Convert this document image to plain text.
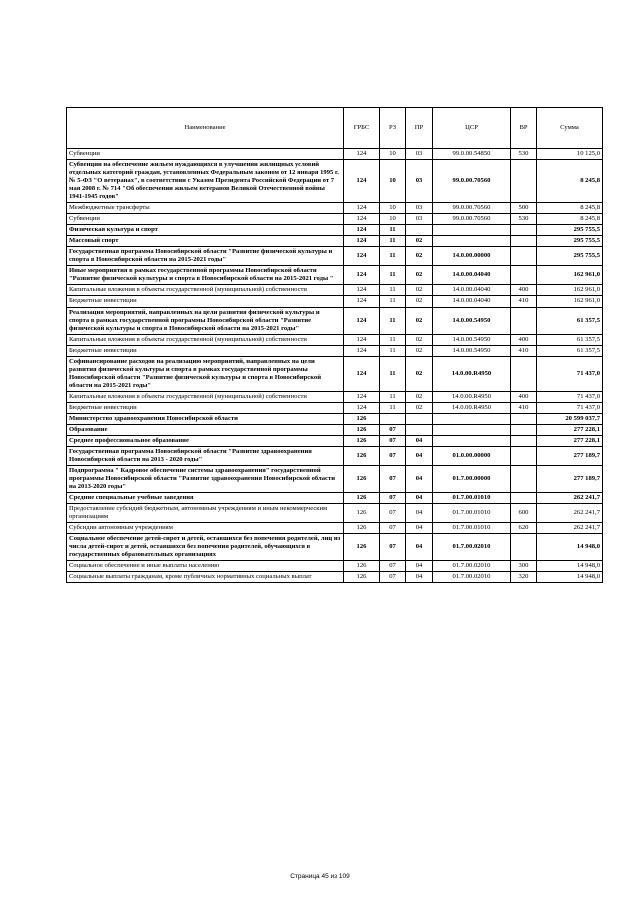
Наименование	ГРБС	РЗ	ПР	ЦСР	ВР	Сумма
Субвенции	124	10	03	99.0.00.54850	530	10 125,0
Субвенции на обеспечение жильем нуждающихся в улучшении жилищных условий отдельных категорий граждан, установленных Федеральным законом от 12 января 1995 г. № 5-ФЗ "О ветеранах", в соответствии с Указом Президента Российской Федерации от 7 мая 2008 г. № 714 "Об обеспечении жильем ветеранов Великой Отечественной войны 1941-1945 годов"	124	10	03	99.0.00.70560		8 245,8
Межбюджетные трансферты	124	10	03	99.0.00.70560	500	8 245,8
Субвенции	124	10	03	99.0.00.70560	530	8 245,8
Физическая культура и спорт	124	11				295 755,5
Массовый спорт	124	11	02			295 755,5
Государственная программа Новосибирской области "Развитие физической культуры и спорта в Новосибирской области на 2015-2021 годы"	124	11	02	14.0.00.00000		295 755,5
Иные мероприятия в рамках государственной программы Новосибирской области "Развитие физической культуры и спорта в Новосибирской области на 2015-2021 годы "	124	11	02	14.0.00.04040		162 961,0
Капитальные вложения в объекты государственной (муниципальной) собственности	124	11	02	14.0.00.04040	400	162 961,0
Бюджетные инвестиции	124	11	02	14.0.00.04040	410	162 961,0
Реализация мероприятий, направленных на цели развития физической культуры и спорта в рамках государственной программы Новосибирской области "Развитие физической культуры и спорта в Новосибирской области на 2015-2021 годы"	124	11	02	14.0.00.54950		61 357,5
Капитальные вложения в объекты государственной (муниципальной) собственности	124	11	02	14.0.00.54950	400	61 357,5
Бюджетные инвестиции	124	11	02	14.0.00.54950	410	61 357,5
Софинансирование расходов на реализацию мероприятий, направленных на цели развития физической культуры и спорта в рамках государственной программы Новосибирской области "Развитие физической культуры и спорта в Новосибирской области на 2015-2021 годы"	124	11	02	14.0.00.R4950		71 437,0
Капитальные вложения в объекты государственной (муниципальной) собственности	124	11	02	14.0.00.R4950	400	71 437,0
Бюджетные инвестиции	124	11	02	14.0.00.R4950	410	71 437,0
Министерство здравоохранения Новосибирской области	126					20 599 037,7
Образование	126	07				277 228,1
Среднее профессиональное образование	126	07	04			277 228,1
Государственная программа Новосибирской области "Развитие здравоохранения Новосибирской области на 2013 - 2020 годы"	126	07	04	01.0.00.00000		277 189,7
Подпрограмма " Кадровое обеспечение системы здравоохранения" государственной программы Новосибирской области "Развитие здравоохранения Новосибирской области на 2013-2020 годы"	126	07	04	01.7.00.00000		277 189,7
Средние специальные учебные заведения	126	07	04	01.7.00.01010		262 241,7
Предоставление субсидий бюджетным, автономным учреждениям и иным некоммерческим организациям	126	07	04	01.7.00.01010	600	262 241,7
Субсидии автономным учреждениям	126	07	04	01.7.00.01010	620	262 241,7
Социальное обеспечение детей-сирот и детей, оставшихся без попечения родителей, лиц из числа детей-сирот и детей, оставшихся без попечения родителей, обучающихся в государственных образовательных организациях	126	07	04	01.7.00.02010		14 948,0
Социальное обеспечение и иные выплаты населению	126	07	04	01.7.00.02010	300	14 948,0
Социальные выплаты гражданам, кроме публичных нормативных социальных выплат	126	07	04	01.7.00.02010	320	14 948,0
Страница 45 из 109
